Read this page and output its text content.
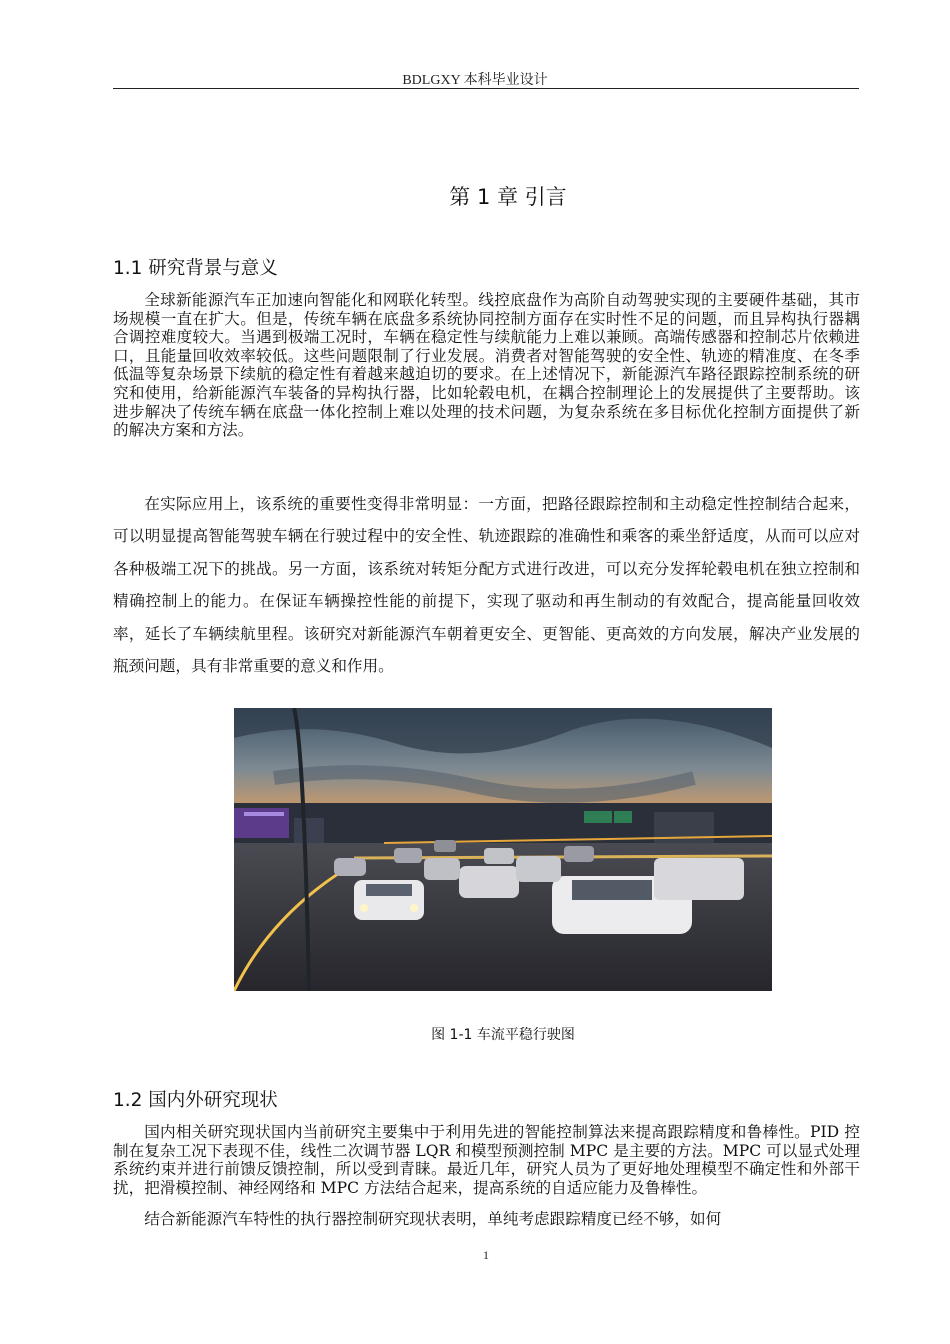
BDLGXY 本科毕业设计
第 1 章 引言
1.1 研究背景与意义

全球新能源汽车正加速向智能化和网联化转型。线控底盘作为高阶自动驾驶实现的主要硬件基础，其市场规模一直在扩大。但是，传统车辆在底盘多系统协同控制方面存在实时性不足的问题，而且异构执行器耦合调控难度较大。当遇到极端工况时，车辆在稳定性与续航能力上难以兼顾。高端传感器和控制芯片依赖进口，且能量回收效率较低。这些问题限制了行业发展。消费者对智能驾驶的安全性、轨迹的精准度、在冬季低温等复杂场景下续航的稳定性有着越来越迫切的要求。在上述情况下，新能源汽车路径跟踪控制系统的研究和使用，给新能源汽车装备的异构执行器，比如轮毂电机，在耦合控制理论上的发展提供了主要帮助。该进步解决了传统车辆在底盘一体化控制上难以处理的技术问题，为复杂系统在多目标优化控制方面提供了新的解决方案和方法。

在实际应用上，该系统的重要性变得非常明显：一方面，把路径跟踪控制和主动稳定性控制结合起来，可以明显提高智能驾驶车辆在行驶过程中的安全性、轨迹跟踪的准确性和乘客的乘坐舒适度，从而可以应对各种极端工况下的挑战。另一方面，该系统对转矩分配方式进行改进，可以充分发挥轮毂电机在独立控制和精确控制上的能力。在保证车辆操控性能的前提下，实现了驱动和再生制动的有效配合，提高能量回收效率，延长了车辆续航里程。该研究对新能源汽车朝着更安全、更智能、更高效的方向发展，解决产业发展的瓶颈问题，具有非常重要的意义和作用。

图 1-1 车流平稳行驶图
1.2 国内外研究现状

国内相关研究现状国内当前研究主要集中于利用先进的智能控制算法来提高跟踪精度和鲁棒性。PID 控制在复杂工况下表现不佳，线性二次调节器 LQR 和模型预测控制 MPC 是主要的方法。MPC 可以显式处理系统约束并进行前馈反馈控制，所以受到青睐。最近几年，研究人员为了更好地处理模型不确定性和外部干扰，把滑模控制、神经网络和 MPC 方法结合起来，提高系统的自适应能力及鲁棒性。

结合新能源汽车特性的执行器控制研究现状表明，单纯考虑跟踪精度已经不够，如何

1
